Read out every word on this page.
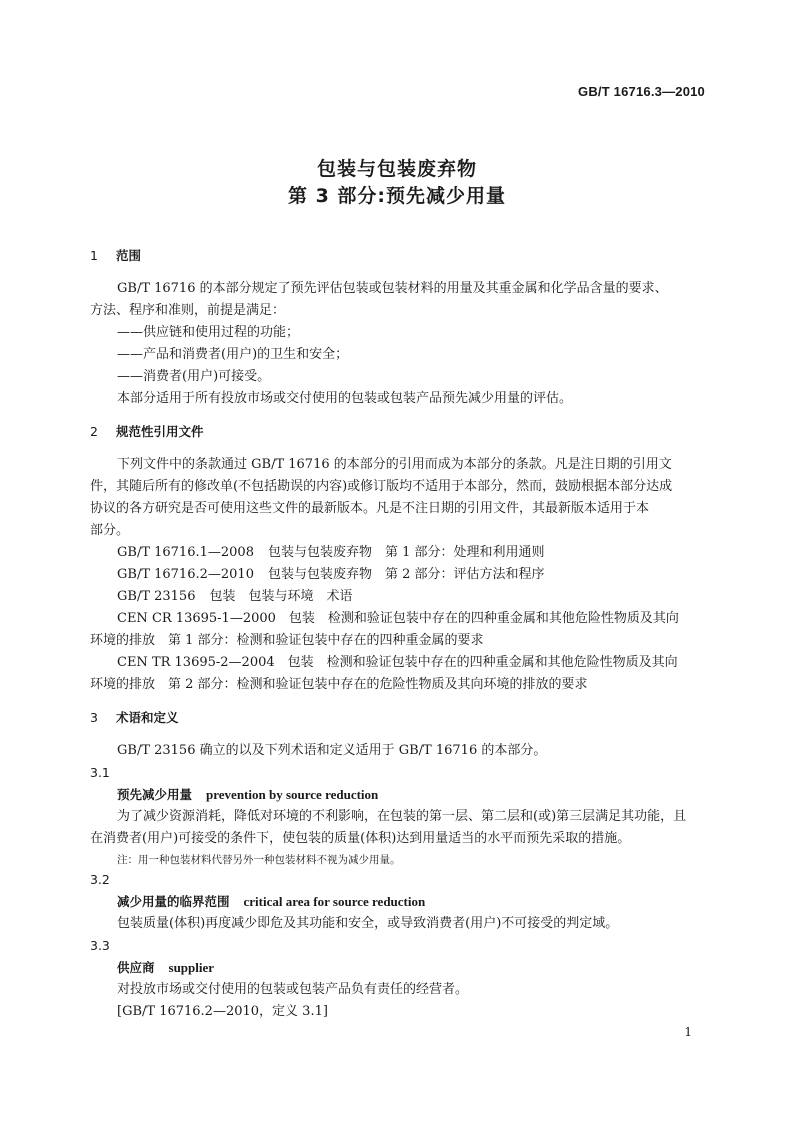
GB/T 16716.3—2010
包装与包装废弃物
第 3 部分:预先减少用量
1 范围
GB/T 16716 的本部分规定了预先评估包装或包装材料的用量及其重金属和化学品含量的要求、
方法、程序和准则，前提是满足：
——供应链和使用过程的功能；
——产品和消费者(用户)的卫生和安全；
——消费者(用户)可接受。
本部分适用于所有投放市场或交付使用的包装或包装产品预先减少用量的评估。
2 规范性引用文件
下列文件中的条款通过 GB/T 16716 的本部分的引用而成为本部分的条款。凡是注日期的引用文
件，其随后所有的修改单(不包括勘误的内容)或修订版均不适用于本部分，然而，鼓励根据本部分达成
协议的各方研究是否可使用这些文件的最新版本。凡是不注日期的引用文件，其最新版本适用于本
部分。
GB/T 16716.1—2008 包装与包装废弃物　第 1 部分：处理和利用通则
GB/T 16716.2—2010 包装与包装废弃物　第 2 部分：评估方法和程序
GB/T 23156 包装　包装与环境　术语
CEN CR 13695-1—2000　包装　检测和验证包装中存在的四种重金属和其他危险性物质及其向
环境的排放　第 1 部分：检测和验证包装中存在的四种重金属的要求
CEN TR 13695-2—2004　包装　检测和验证包装中存在的四种重金属和其他危险性物质及其向
环境的排放　第 2 部分：检测和验证包装中存在的危险性物质及其向环境的排放的要求
3 术语和定义
GB/T 23156 确立的以及下列术语和定义适用于 GB/T 16716 的本部分。
3.1
预先减少用量 prevention by source reduction
为了减少资源消耗，降低对环境的不利影响，在包装的第一层、第二层和(或)第三层满足其功能，且
在消费者(用户)可接受的条件下，使包装的质量(体积)达到用量适当的水平而预先采取的措施。
注：用一种包装材料代替另外一种包装材料不视为减少用量。
3.2
减少用量的临界范围 critical area for source reduction
包装质量(体积)再度减少即危及其功能和安全，或导致消费者(用户)不可接受的判定域。
3.3
供应商 supplier
对投放市场或交付使用的包装或包装产品负有责任的经营者。
[GB/T 16716.2—2010，定义 3.1]
1
